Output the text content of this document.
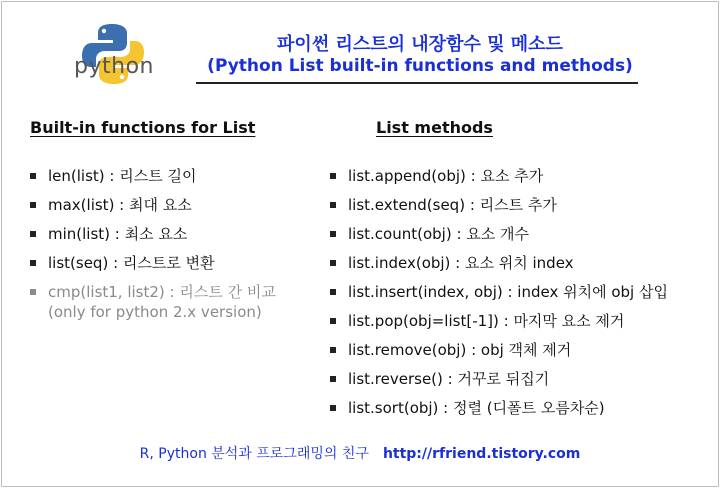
python
파이썬 리스트의 내장함수 및 메소드
(Python List built-in functions and methods)
Built-in functions for List	List methods
len(list) : 리스트 길이
max(list) : 최대 요소
min(list) : 최소 요소
list(seq) : 리스트로 변환
cmp(list1, list2) : 리스트 간 비교
(only for python 2.x version)
list.append(obj) : 요소 추가
list.extend(seq) : 리스트 추가
list.count(obj) : 요소 개수
list.index(obj) : 요소 위치 index
list.insert(index, obj) : index 위치에 obj 삽입
list.pop(obj=list[-1]) : 마지막 요소 제거
list.remove(obj) : obj 객체 제거
list.reverse() : 거꾸로 뒤집기
list.sort(obj) : 정렬 (디폴트 오름차순)
R, Python 분석과 프로그래밍의 친구 http://rfriend.tistory.com
